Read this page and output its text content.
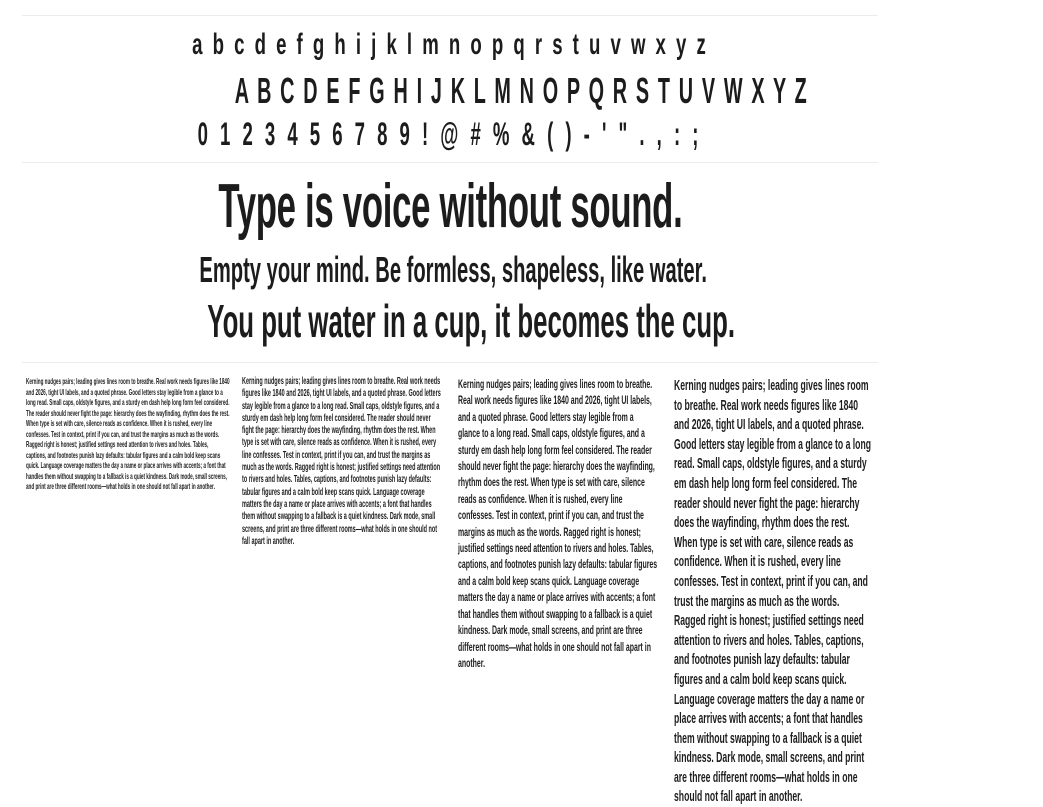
a b c d e f g h i j k l m n o p q r s t u v w x y z
A B C D E F G H I J K L M N O P Q R S T U V W X Y Z
0 1 2 3 4 5 6 7 8 9 ! @ # % & ( ) - ' " . , : ;
Type is voice without sound.
Empty your mind. Be formless, shapeless, like water.
You put water in a cup, it becomes the cup.

Kerning nudges pairs; leading gives lines room to breathe. Real work needs figures like 1840 and 2026, tight UI labels, and a quoted phrase. Good letters stay legible from a glance to a long read. Small caps, oldstyle figures, and a sturdy em dash help long form feel considered. The reader should never fight the page: hierarchy does the wayfinding, rhythm does the rest. When type is set with care, silence reads as confidence. When it is rushed, every line confesses. Test in context, print if you can, and trust the margins as much as the words. Ragged right is honest; justified settings need attention to rivers and holes. Tables, captions, and footnotes punish lazy defaults: tabular figures and a calm bold keep scans quick. Language coverage matters the day a name or place arrives with accents; a font that handles them without swapping to a fallback is a quiet kindness. Dark mode, small screens, and print are three different rooms—what holds in one should not fall apart in another.

Kerning nudges pairs; leading gives lines room to breathe. Real work needs figures like 1840 and 2026, tight UI labels, and a quoted phrase. Good letters stay legible from a glance to a long read. Small caps, oldstyle figures, and a sturdy em dash help long form feel considered. The reader should never fight the page: hierarchy does the wayfinding, rhythm does the rest. When type is set with care, silence reads as confidence. When it is rushed, every line confesses. Test in context, print if you can, and trust the margins as much as the words. Ragged right is honest; justified settings need attention to rivers and holes. Tables, captions, and footnotes punish lazy defaults: tabular figures and a calm bold keep scans quick. Language coverage matters the day a name or place arrives with accents; a font that handles them without swapping to a fallback is a quiet kindness. Dark mode, small screens, and print are three different rooms—what holds in one should not fall apart in another.

Kerning nudges pairs; leading gives lines room to breathe. Real work needs figures like 1840 and 2026, tight UI labels, and a quoted phrase. Good letters stay legible from a glance to a long read. Small caps, oldstyle figures, and a sturdy em dash help long form feel considered. The reader should never fight the page: hierarchy does the wayfinding, rhythm does the rest. When type is set with care, silence reads as confidence. When it is rushed, every line confesses. Test in context, print if you can, and trust the margins as much as the words. Ragged right is honest; justified settings need attention to rivers and holes. Tables, captions, and footnotes punish lazy defaults: tabular figures and a calm bold keep scans quick. Language coverage matters the day a name or place arrives with accents; a font that handles them without swapping to a fallback is a quiet kindness. Dark mode, small screens, and print are three different rooms—what holds in one should not fall apart in another.

Kerning nudges pairs; leading gives lines room to breathe. Real work needs figures like 1840 and 2026, tight UI labels, and a quoted phrase. Good letters stay legible from a glance to a long read. Small caps, oldstyle figures, and a sturdy em dash help long form feel considered. The reader should never fight the page: hierarchy does the wayfinding, rhythm does the rest. When type is set with care, silence reads as confidence. When it is rushed, every line confesses. Test in context, print if you can, and trust the margins as much as the words. Ragged right is honest; justified settings need attention to rivers and holes. Tables, captions, and footnotes punish lazy defaults: tabular figures and a calm bold keep scans quick. Language coverage matters the day a name or place arrives with accents; a font that handles them without swapping to a fallback is a quiet kindness. Dark mode, small screens, and print are three different rooms—what holds in one should not fall apart in another.
